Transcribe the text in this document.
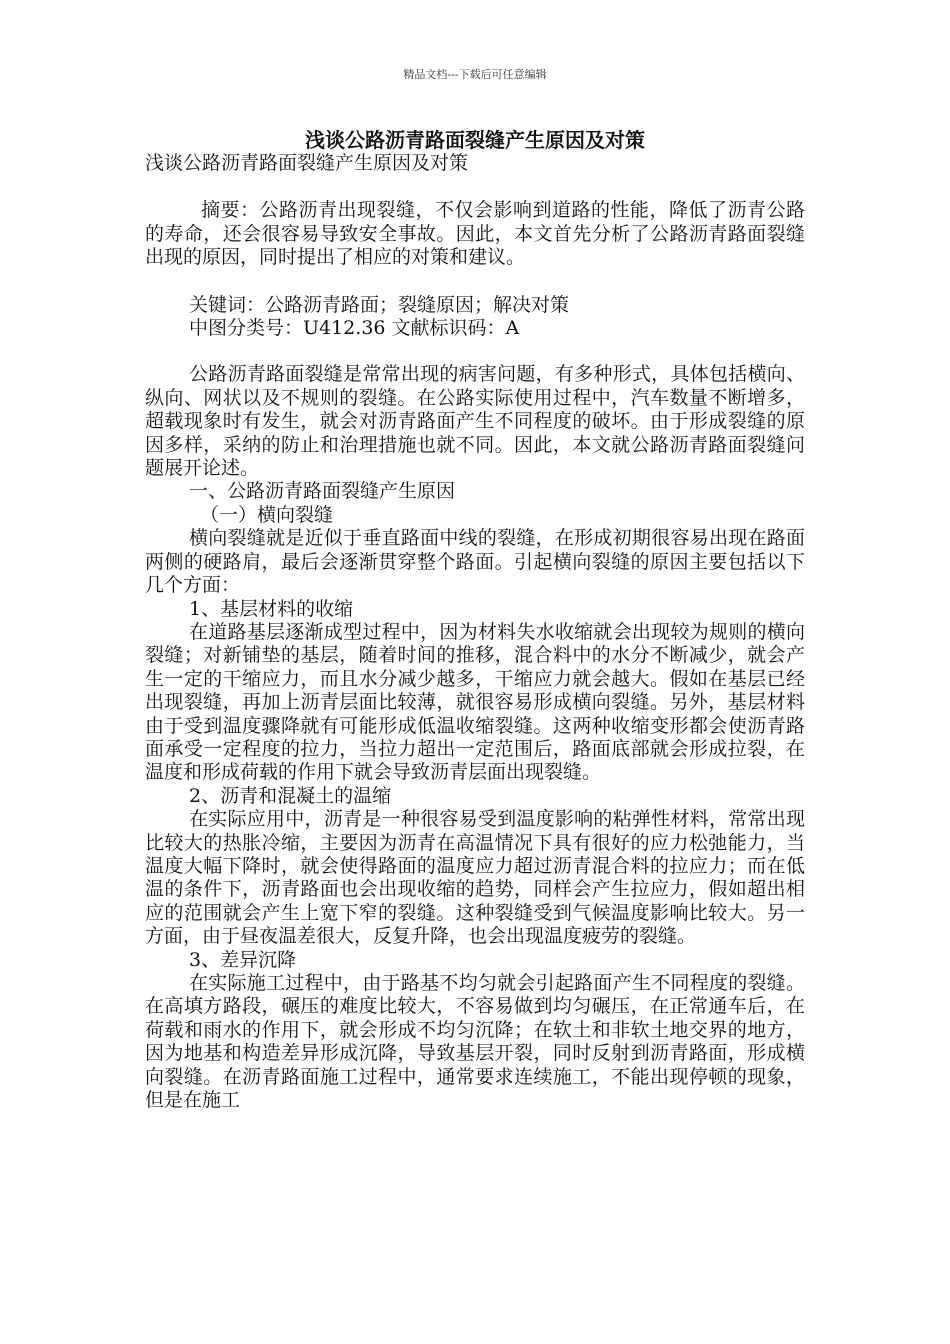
精品文档---下载后可任意编辑
浅谈公路沥青路面裂缝产生原因及对策

浅谈公路沥青路面裂缝产生原因及对策

摘要：公路沥青出现裂缝，不仅会影响到道路的性能，降低了沥青公路的寿命，还会很容易导致安全事故。因此，本文首先分析了公路沥青路面裂缝出现的原因，同时提出了相应的对策和建议。

关键词：公路沥青路面；裂缝原因；解决对策

中图分类号：U412.36 文献标识码：A

公路沥青路面裂缝是常常出现的病害问题，有多种形式，具体包括横向、纵向、网状以及不规则的裂缝。在公路实际使用过程中，汽车数量不断增多，超载现象时有发生，就会对沥青路面产生不同程度的破坏。由于形成裂缝的原因多样，采纳的防止和治理措施也就不同。因此，本文就公路沥青路面裂缝问题展开论述。

一、公路沥青路面裂缝产生原因

（一）横向裂缝

横向裂缝就是近似于垂直路面中线的裂缝，在形成初期很容易出现在路面两侧的硬路肩，最后会逐渐贯穿整个路面。引起横向裂缝的原因主要包括以下几个方面：

1、基层材料的收缩

在道路基层逐渐成型过程中，因为材料失水收缩就会出现较为规则的横向裂缝；对新铺垫的基层，随着时间的推移，混合料中的水分不断减少，就会产生一定的干缩应力，而且水分减少越多，干缩应力就会越大。假如在基层已经出现裂缝，再加上沥青层面比较薄，就很容易形成横向裂缝。另外，基层材料由于受到温度骤降就有可能形成低温收缩裂缝。这两种收缩变形都会使沥青路面承受一定程度的拉力，当拉力超出一定范围后，路面底部就会形成拉裂，在温度和形成荷载的作用下就会导致沥青层面出现裂缝。

2、沥青和混凝土的温缩

在实际应用中，沥青是一种很容易受到温度影响的粘弹性材料，常常出现比较大的热胀冷缩，主要因为沥青在高温情况下具有很好的应力松弛能力，当温度大幅下降时，就会使得路面的温度应力超过沥青混合料的拉应力；而在低温的条件下，沥青路面也会出现收缩的趋势，同样会产生拉应力，假如超出相应的范围就会产生上宽下窄的裂缝。这种裂缝受到气候温度影响比较大。另一方面，由于昼夜温差很大，反复升降，也会出现温度疲劳的裂缝。

3、差异沉降

在实际施工过程中，由于路基不均匀就会引起路面产生不同程度的裂缝。在高填方路段，碾压的难度比较大，不容易做到均匀碾压，在正常通车后，在荷载和雨水的作用下，就会形成不均匀沉降；在软土和非软土地交界的地方，因为地基和构造差异形成沉降，导致基层开裂，同时反射到沥青路面，形成横向裂缝。在沥青路面施工过程中，通常要求连续施工，不能出现停顿的现象，但是在施工
